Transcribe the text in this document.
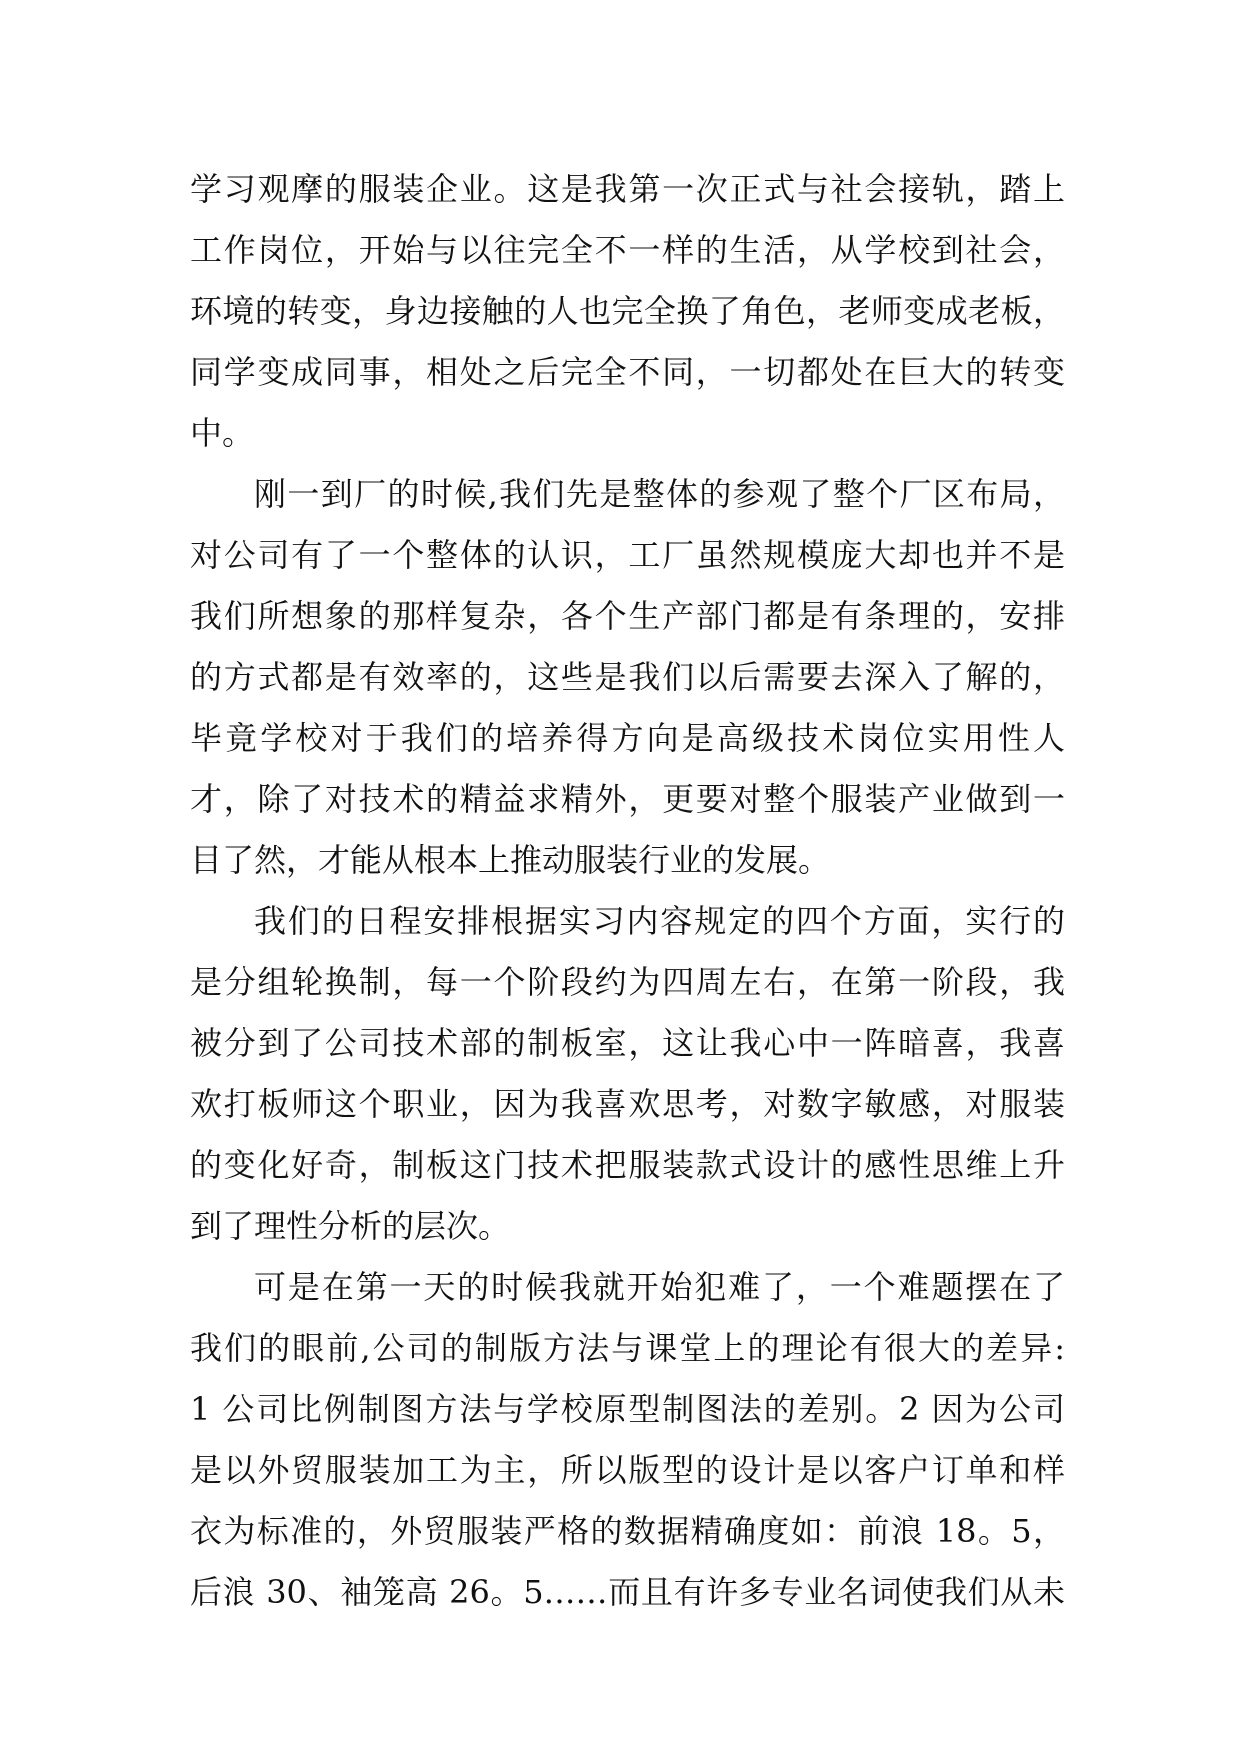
学习观摩的服装企业。这是我第一次正式与社会接轨，踏上
工作岗位，开始与以往完全不一样的生活，从学校到社会，
环境的转变，身边接触的人也完全换了角色，老师变成老板，
同学变成同事，相处之后完全不同，一切都处在巨大的转变
中。
刚一到厂的时候,我们先是整体的参观了整个厂区布局，
对公司有了一个整体的认识，工厂虽然规模庞大却也并不是
我们所想象的那样复杂，各个生产部门都是有条理的，安排
的方式都是有效率的，这些是我们以后需要去深入了解的，
毕竟学校对于我们的培养得方向是高级技术岗位实用性人
才，除了对技术的精益求精外，更要对整个服装产业做到一
目了然，才能从根本上推动服装行业的发展。
我们的日程安排根据实习内容规定的四个方面，实行的
是分组轮换制，每一个阶段约为四周左右，在第一阶段，我
被分到了公司技术部的制板室，这让我心中一阵暗喜，我喜
欢打板师这个职业，因为我喜欢思考，对数字敏感，对服装
的变化好奇，制板这门技术把服装款式设计的感性思维上升
到了理性分析的层次。
可是在第一天的时候我就开始犯难了，一个难题摆在了
我们的眼前,公司的制版方法与课堂上的理论有很大的差异:
1 公司比例制图方法与学校原型制图法的差别。2 因为公司
是以外贸服装加工为主，所以版型的设计是以客户订单和样
衣为标准的，外贸服装严格的数据精确度如：前浪 18。5，
后浪 30、袖笼高 26。5……而且有许多专业名词使我们从未
